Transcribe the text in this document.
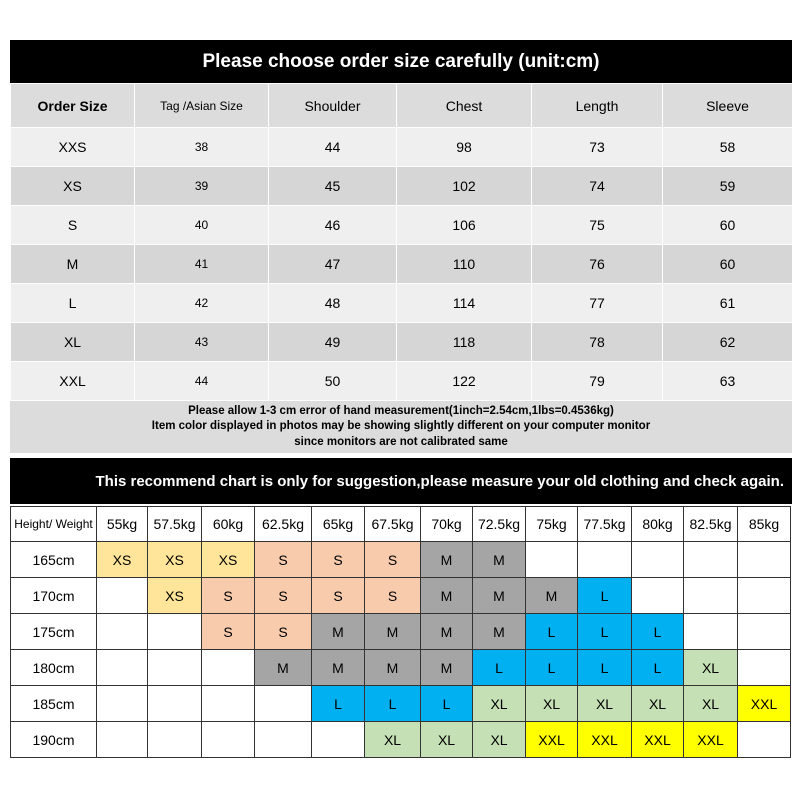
Please choose order size carefully (unit:cm)
Order Size	Tag /Asian Size	Shoulder	Chest	Length	Sleeve
XXS	38	44	98	73	58
XS	39	45	102	74	59
S	40	46	106	75	60
M	41	47	110	76	60
L	42	48	114	77	61
XL	43	49	118	78	62
XXL	44	50	122	79	63
Please allow 1-3 cm error of hand measurement(1inch=2.54cm,1lbs=0.4536kg)
Item color displayed in photos may be showing slightly different on your computer monitor
since monitors are not calibrated same
This recommend chart is only for suggestion,please measure your old clothing and check again.
Height/ Weight	55kg	57.5kg	60kg	62.5kg	65kg	67.5kg	70kg	72.5kg	75kg	77.5kg	80kg	82.5kg	85kg
165cm	XS	XS	XS	S	S	S	M	M					
170cm		XS	S	S	S	S	M	M	M	L			
175cm			S	S	M	M	M	M	L	L	L		
180cm				M	M	M	M	L	L	L	L	XL	
185cm					L	L	L	XL	XL	XL	XL	XL	XXL
190cm						XL	XL	XL	XXL	XXL	XXL	XXL	
